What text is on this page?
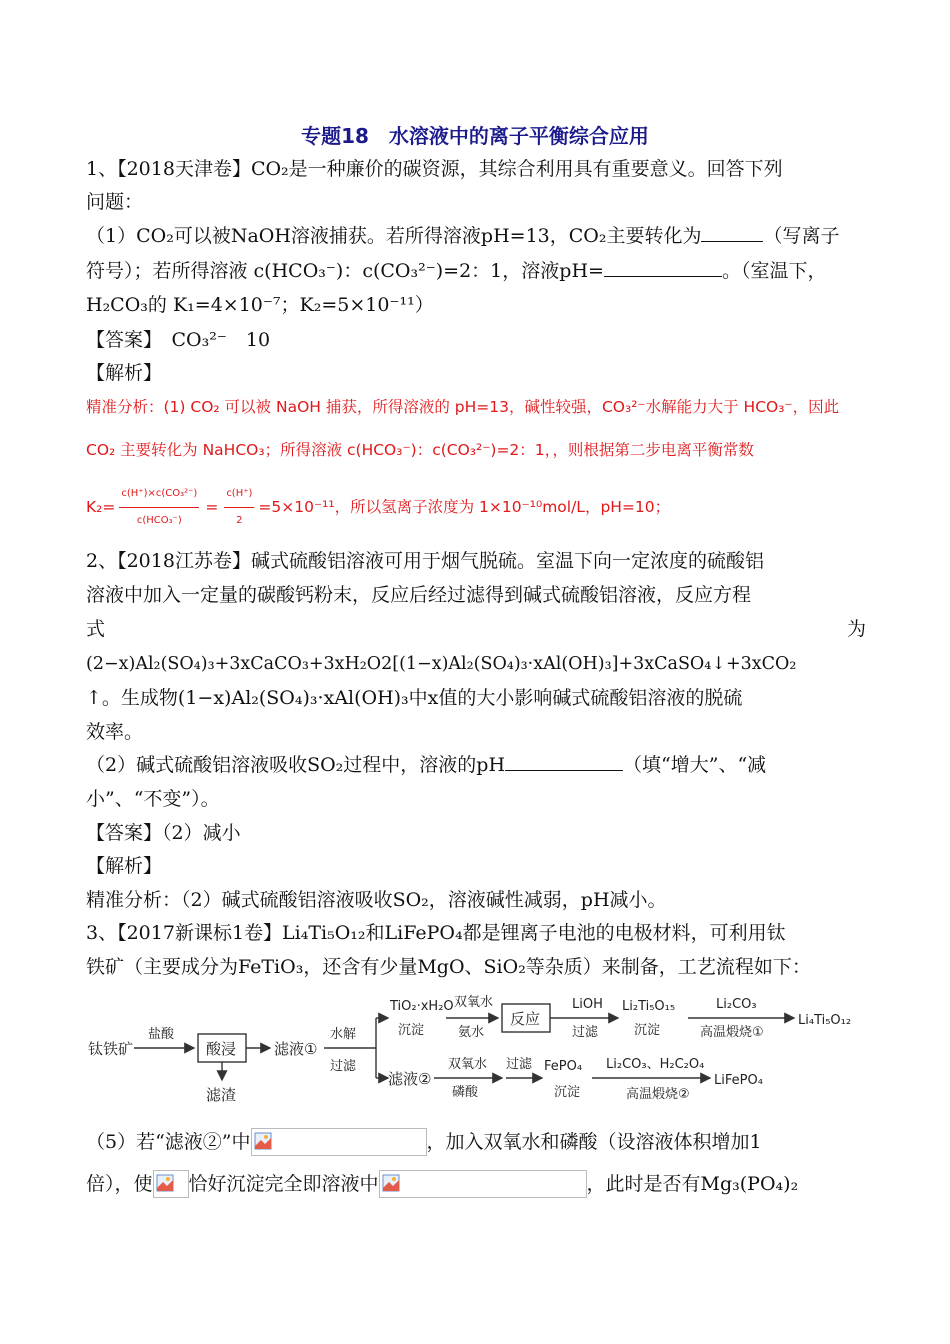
专题18　水溶液中的离子平衡综合应用
1、【2018天津卷】CO₂是一种廉价的碳资源，其综合利用具有重要意义。回答下列
问题：
（1）CO₂可以被NaOH溶液捕获。若所得溶液pH=13，CO₂主要转化为	（写离子
符号）；若所得溶液 c(HCO₃⁻)：c(CO₃²⁻)=2：1，溶液pH=	。（室温下，
H₂CO₃的 K₁=4×10⁻⁷；K₂=5×10⁻¹¹）
【答案】　CO₃²⁻　10
【解析】
精准分析：(1) CO₂ 可以被 NaOH 捕获，所得溶液的 pH=13，碱性较强，CO₃²⁻水解能力大于 HCO₃⁻，因此
CO₂ 主要转化为 NaHCO₃；所得溶液 c(HCO₃⁻)：c(CO₃²⁻)=2：1，，则根据第二步电离平衡常数
K₂=
c(H⁺)×c(CO₃²⁻)
c(HCO₃⁻)
= $\frac{c(H^+)}{2} =5\times 10^{-11}$，所以氢离子浓度为 1×10⁻¹⁰mol/L，pH=10；
2、【2018江苏卷】碱式硫酸铝溶液可用于烟气脱硫。室温下向一定浓度的硫酸铝
溶液中加入一定量的碳酸钙粉末，反应后经过滤得到碱式硫酸铝溶液，反应方程
式	为
(2−x)Al₂(SO₄)₃+3xCaCO₃+3xH₂O2[(1−x)Al₂(SO₄)₃·xAl(OH)₃]+3xCaSO₄↓+3xCO₂
↑。生成物(1−x)Al₂(SO₄)₃·xAl(OH)₃中x值的大小影响碱式硫酸铝溶液的脱硫
效率。
（2）碱式硫酸铝溶液吸收SO₂过程中，溶液的pH	（填“增大”、“减
小”、“不变”）。
【答案】（2）减小
【解析】
精准分析：（2）碱式硫酸铝溶液吸收SO₂，溶液碱性减弱，pH减小。
3、【2017新课标1卷】Li₄Ti₅O₁₂和LiFePO₄都是锂离子电池的电极材料，可利用钛
铁矿（主要成分为FeTiO₃，还含有少量MgO、SiO₂等杂质）来制备，工艺流程如下：
钛铁矿
盐酸
酸浸
滤渣
滤液①
水解
过滤
TiO₂·xH₂O
沉淀
双氧水
氨水
反应
LiOH
过滤
Li₂Ti₅O₁₅
沉淀
Li₂CO₃
高温煅烧①
Li₄Ti₅O₁₂
滤液②
双氧水
磷酸
过滤 FePO₄
沉淀
Li₂CO₃、H₂C₂O₄
高温煅烧②
LiFePO₄
（5）若“滤液②”中	，加入双氧水和磷酸（设溶液体积增加1
倍），使 恰好沉淀完全即溶液中	，此时是否有Mg₃(PO₄)₂
